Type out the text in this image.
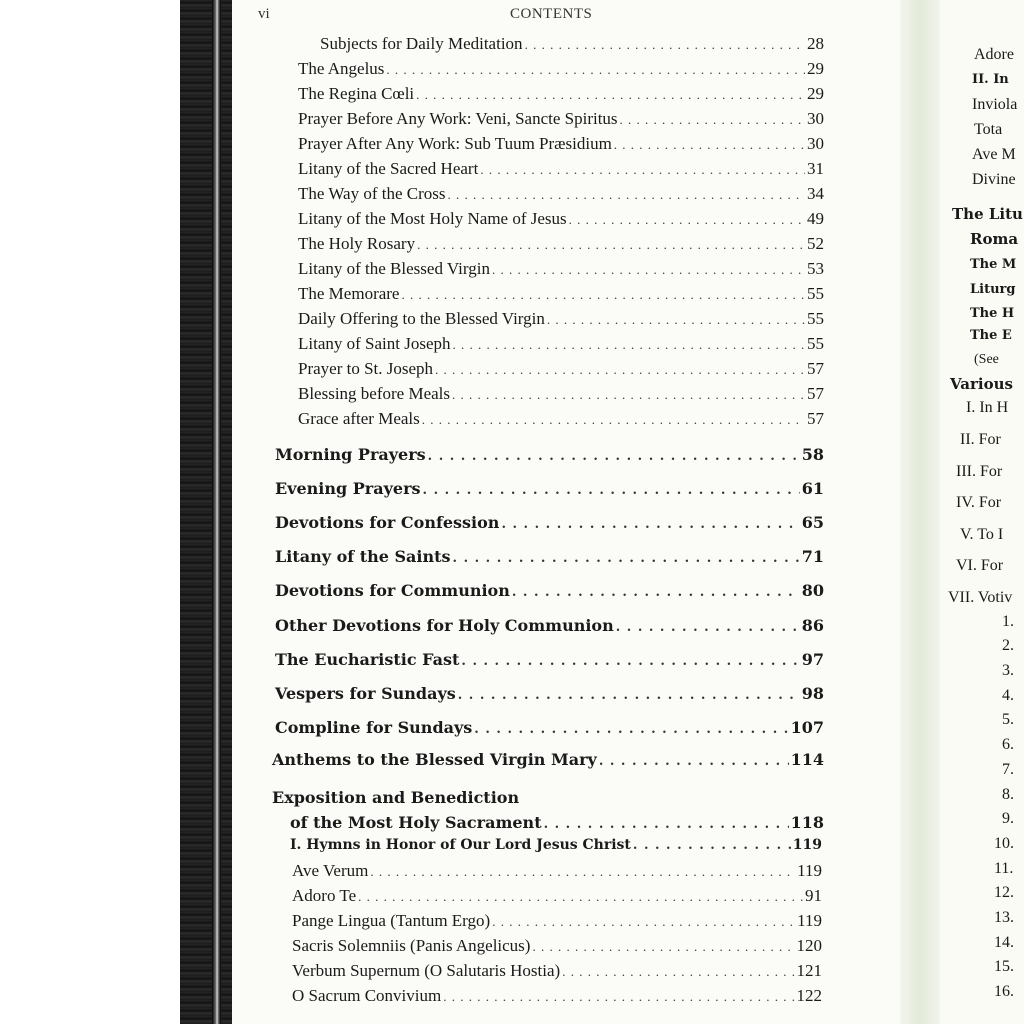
vi	CONTENTS
Subjects for Daily Meditation . . .	28
The Angelus . . .	29
The Regina Cœli . . .	29
Prayer Before Any Work: Veni, Sancte Spiritus . . .	30
Prayer After Any Work: Sub Tuum Præsidium . . .	30
Litany of the Sacred Heart . . .	31
The Way of the Cross . . .	34
Litany of the Most Holy Name of Jesus . . .	49
The Holy Rosary . . .	52
Litany of the Blessed Virgin . . .	53
The Memorare . . .	55
Daily Offering to the Blessed Virgin . . .	55
Litany of Saint Joseph . . .	55
Prayer to St. Joseph . . .	57
Blessing before Meals . . .	57
Grace after Meals . . .	57
Morning Prayers . . .	58
Evening Prayers . . .	61
Devotions for Confession . . .	65
Litany of the Saints . . .	71
Devotions for Communion . . .	80
Other Devotions for Holy Communion . . .	86
The Eucharistic Fast . . .	97
Vespers for Sundays . . .	98
Compline for Sundays . . .	107
Anthems to the Blessed Virgin Mary . . .	114
Exposition and Benediction
of the Most Holy Sacrament . . .	118
I. Hymns in Honor of Our Lord Jesus Christ . . .	119
Ave Verum . . .	119
Adoro Te . . .	91
Pange Lingua (Tantum Ergo) . . .	119
Sacris Solemniis (Panis Angelicus) . . .	120
Verbum Supernum (O Salutaris Hostia) . . .	121
O Sacrum Convivium . . .	122
Adore
II. In
Inviola
Tota
Ave M
Divine
The Litu
Roma
The M
Liturg
The H
The E
(See
Various
I. In H
II. For
III. For
IV. For
V. To I
VI. For
VII. Votiv
1.
2.
3.
4.
5.
6.
7.
8.
9.
10.
11.
12.
13.
14.
15.
16.
